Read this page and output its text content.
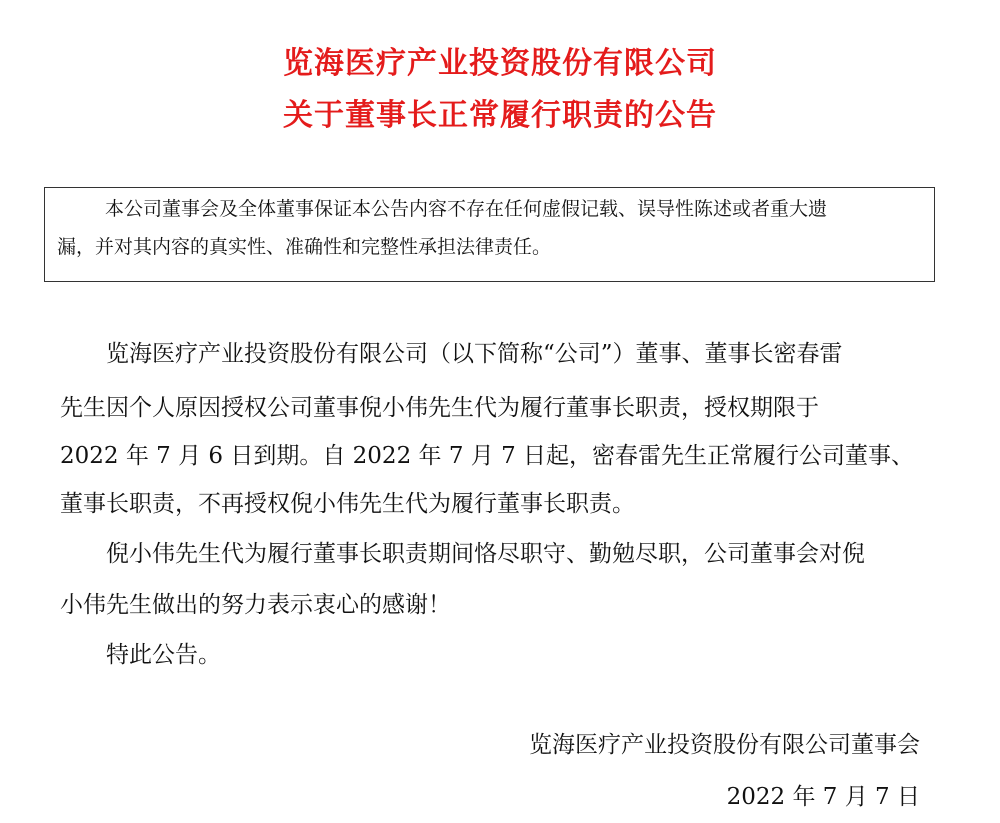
览海医疗产业投资股份有限公司
关于董事长正常履行职责的公告
本公司董事会及全体董事保证本公告内容不存在任何虚假记载、误导性陈述或者重大遗
漏，并对其内容的真实性、准确性和完整性承担法律责任。
览海医疗产业投资股份有限公司（以下简称“公司”）董事、董事长密春雷
先生因个人原因授权公司董事倪小伟先生代为履行董事长职责，授权期限于
2022 年 7 月 6 日到期。自 2022 年 7 月 7 日起，密春雷先生正常履行公司董事、
董事长职责，不再授权倪小伟先生代为履行董事长职责。
倪小伟先生代为履行董事长职责期间恪尽职守、勤勉尽职，公司董事会对倪
小伟先生做出的努力表示衷心的感谢！
特此公告。
览海医疗产业投资股份有限公司董事会
2022 年 7 月 7 日
